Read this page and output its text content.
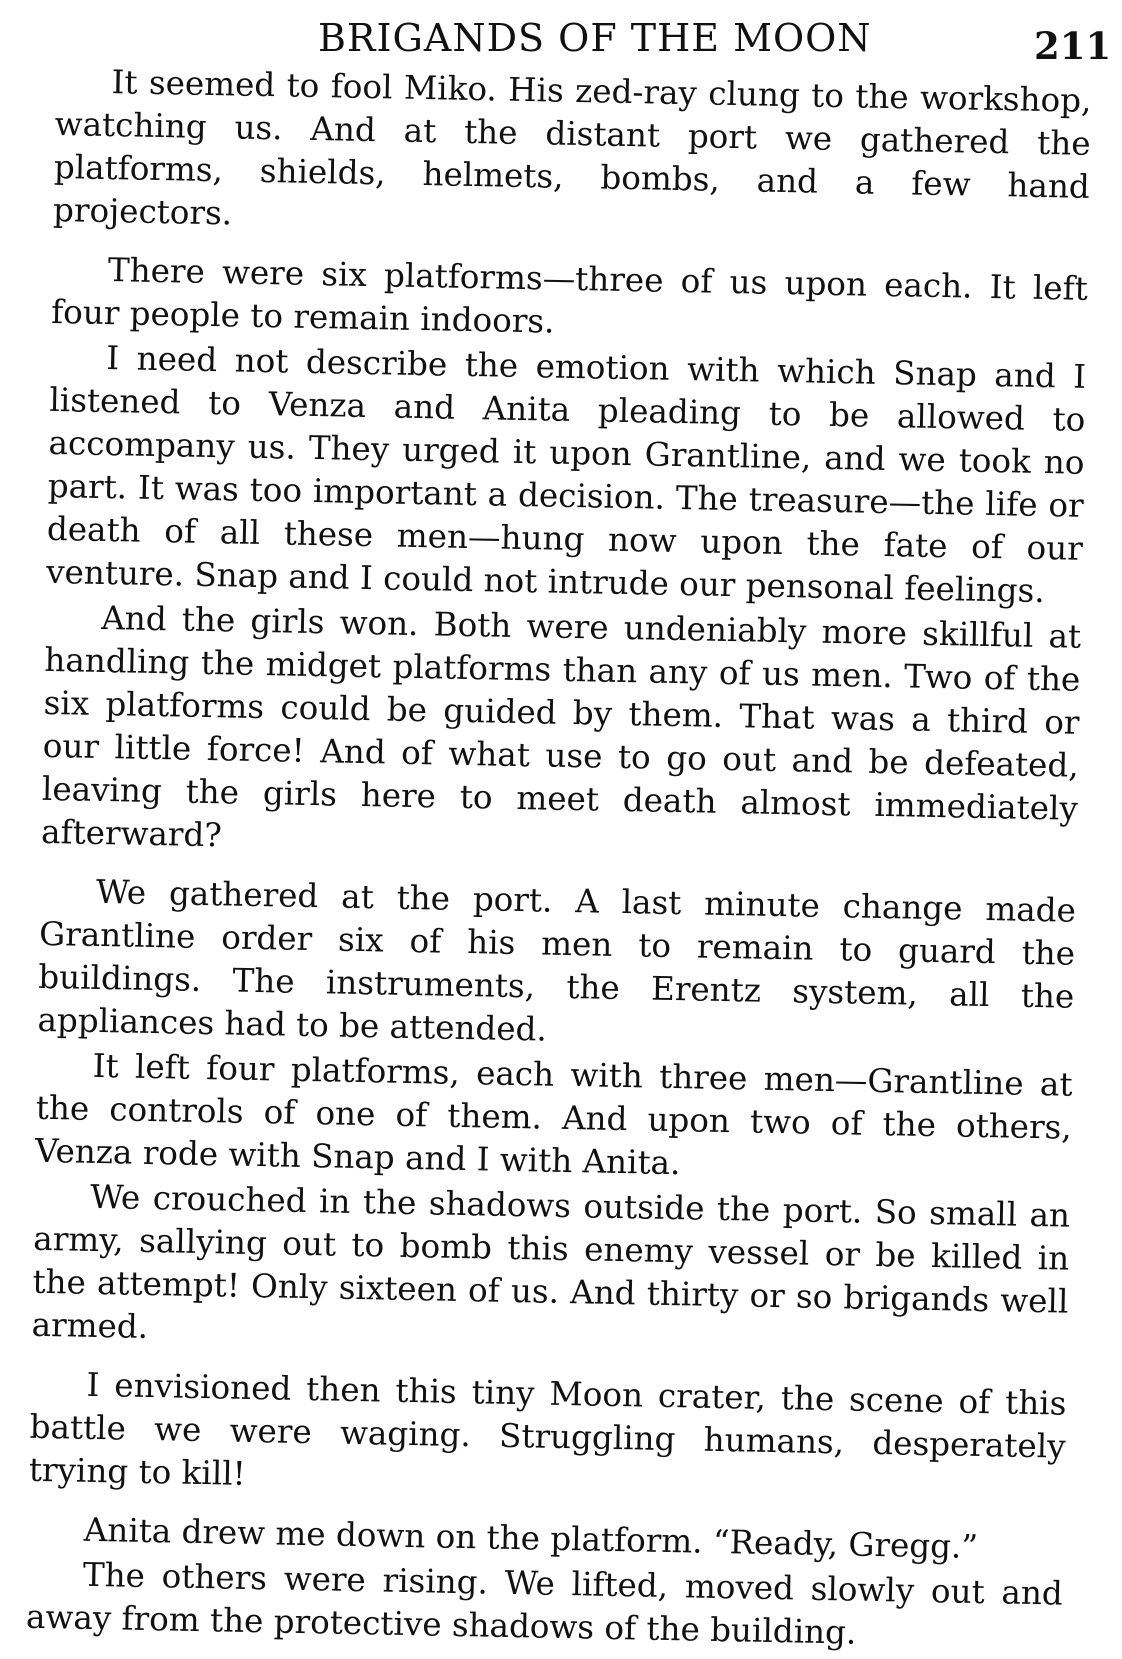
BRIGANDS OF THE MOON	211

It seemed to fool Miko. His zed-ray clung to the workshop, watching us. And at the distant port we gathered the platforms, shields, helmets, bombs, and a few hand projectors.

There were six platforms—three of us upon each. It left four people to remain indoors.

I need not describe the emotion with which Snap and I listened to Venza and Anita pleading to be allowed to accompany us. They urged it upon Grantline, and we took no part. It was too important a decision. The treasure—the life or death of all these men—hung now upon the fate of our venture. Snap and I could not intrude our pensonal feelings.

And the girls won. Both were undeniably more skillful at handling the midget platforms than any of us men. Two of the six platforms could be guided by them. That was a third or our little force! And of what use to go out and be defeated, leaving the girls here to meet death almost immediately afterward?

We gathered at the port. A last minute change made Grantline order six of his men to remain to guard the buildings. The instruments, the Erentz system, all the appliances had to be attended.

It left four platforms, each with three men—Grantline at the controls of one of them. And upon two of the others, Venza rode with Snap and I with Anita.

We crouched in the shadows outside the port. So small an army, sallying out to bomb this enemy vessel or be killed in the attempt! Only sixteen of us. And thirty or so brigands well armed.

I envisioned then this tiny Moon crater, the scene of this battle we were waging. Struggling humans, desperately trying to kill!

Anita drew me down on the platform. “Ready, Gregg.”

The others were rising. We lifted, moved slowly out and away from the protective shadows of the building.
